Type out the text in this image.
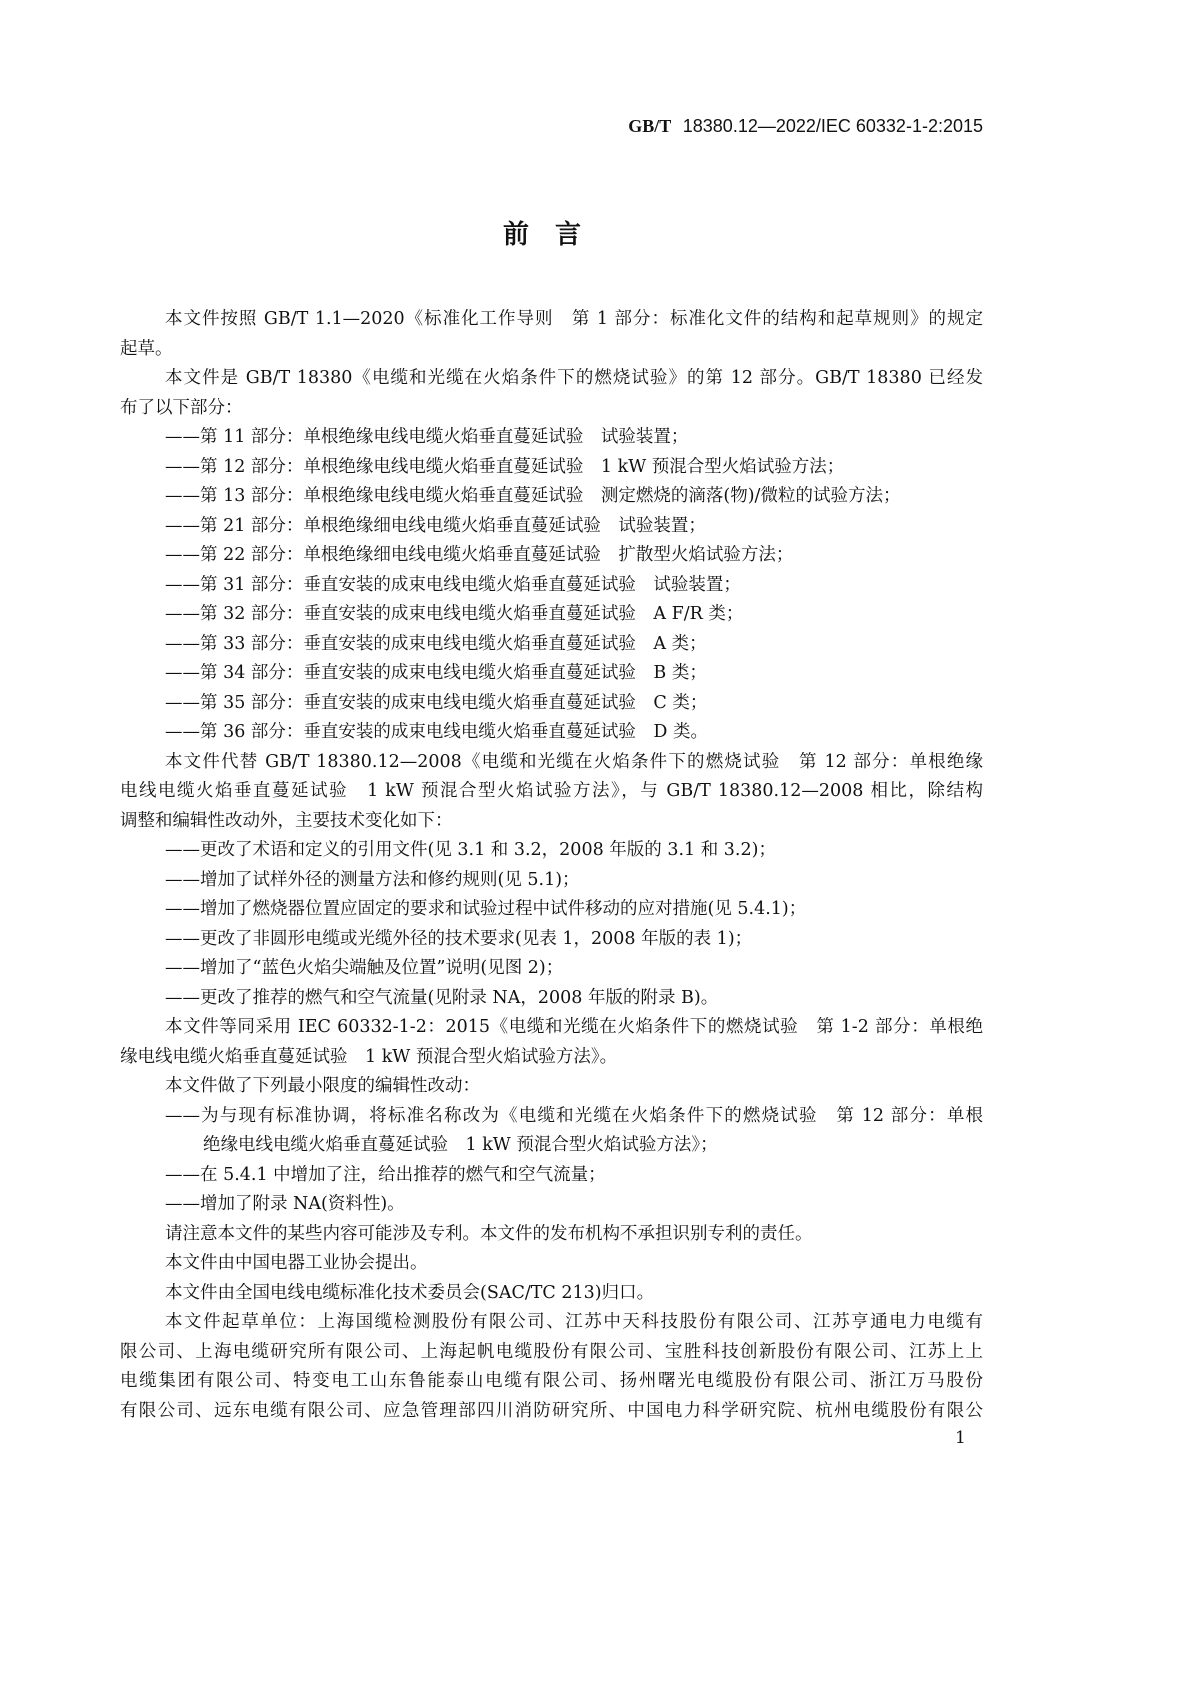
GB/T 18380.12—2022/IEC 60332-1-2:2015
前言
本文件按照 GB/T 1.1—2020《标准化工作导则　第 1 部分：标准化文件的结构和起草规则》的规定
起草。
本文件是 GB/T 18380《电缆和光缆在火焰条件下的燃烧试验》的第 12 部分。GB/T 18380 已经发
布了以下部分：
——第 11 部分：单根绝缘电线电缆火焰垂直蔓延试验　试验装置；
——第 12 部分：单根绝缘电线电缆火焰垂直蔓延试验　1 kW 预混合型火焰试验方法；
——第 13 部分：单根绝缘电线电缆火焰垂直蔓延试验　测定燃烧的滴落(物)/微粒的试验方法；
——第 21 部分：单根绝缘细电线电缆火焰垂直蔓延试验　试验装置；
——第 22 部分：单根绝缘细电线电缆火焰垂直蔓延试验　扩散型火焰试验方法；
——第 31 部分：垂直安装的成束电线电缆火焰垂直蔓延试验　试验装置；
——第 32 部分：垂直安装的成束电线电缆火焰垂直蔓延试验　A F/R 类；
——第 33 部分：垂直安装的成束电线电缆火焰垂直蔓延试验　A 类；
——第 34 部分：垂直安装的成束电线电缆火焰垂直蔓延试验　B 类；
——第 35 部分：垂直安装的成束电线电缆火焰垂直蔓延试验　C 类；
——第 36 部分：垂直安装的成束电线电缆火焰垂直蔓延试验　D 类。
本文件代替 GB/T 18380.12—2008《电缆和光缆在火焰条件下的燃烧试验　第 12 部分：单根绝缘
电线电缆火焰垂直蔓延试验　1 kW 预混合型火焰试验方法》，与 GB/T 18380.12—2008 相比，除结构
调整和编辑性改动外，主要技术变化如下：
——更改了术语和定义的引用文件(见 3.1 和 3.2，2008 年版的 3.1 和 3.2)；
——增加了试样外径的测量方法和修约规则(见 5.1)；
——增加了燃烧器位置应固定的要求和试验过程中试件移动的应对措施(见 5.4.1)；
——更改了非圆形电缆或光缆外径的技术要求(见表 1，2008 年版的表 1)；
——增加了“蓝色火焰尖端触及位置”说明(见图 2)；
——更改了推荐的燃气和空气流量(见附录 NA，2008 年版的附录 B)。
本文件等同采用 IEC 60332-1-2：2015《电缆和光缆在火焰条件下的燃烧试验　第 1-2 部分：单根绝
缘电线电缆火焰垂直蔓延试验　1 kW 预混合型火焰试验方法》。
本文件做了下列最小限度的编辑性改动：
——为与现有标准协调，将标准名称改为《电缆和光缆在火焰条件下的燃烧试验　第 12 部分：单根
绝缘电线电缆火焰垂直蔓延试验　1 kW 预混合型火焰试验方法》；
——在 5.4.1 中增加了注，给出推荐的燃气和空气流量；
——增加了附录 NA(资料性)。
请注意本文件的某些内容可能涉及专利。本文件的发布机构不承担识别专利的责任。
本文件由中国电器工业协会提出。
本文件由全国电线电缆标准化技术委员会(SAC/TC 213)归口。
本文件起草单位：上海国缆检测股份有限公司、江苏中天科技股份有限公司、江苏亨通电力电缆有
限公司、上海电缆研究所有限公司、上海起帆电缆股份有限公司、宝胜科技创新股份有限公司、江苏上上
电缆集团有限公司、特变电工山东鲁能泰山电缆有限公司、扬州曙光电缆股份有限公司、浙江万马股份
有限公司、远东电缆有限公司、应急管理部四川消防研究所、中国电力科学研究院、杭州电缆股份有限公
1
